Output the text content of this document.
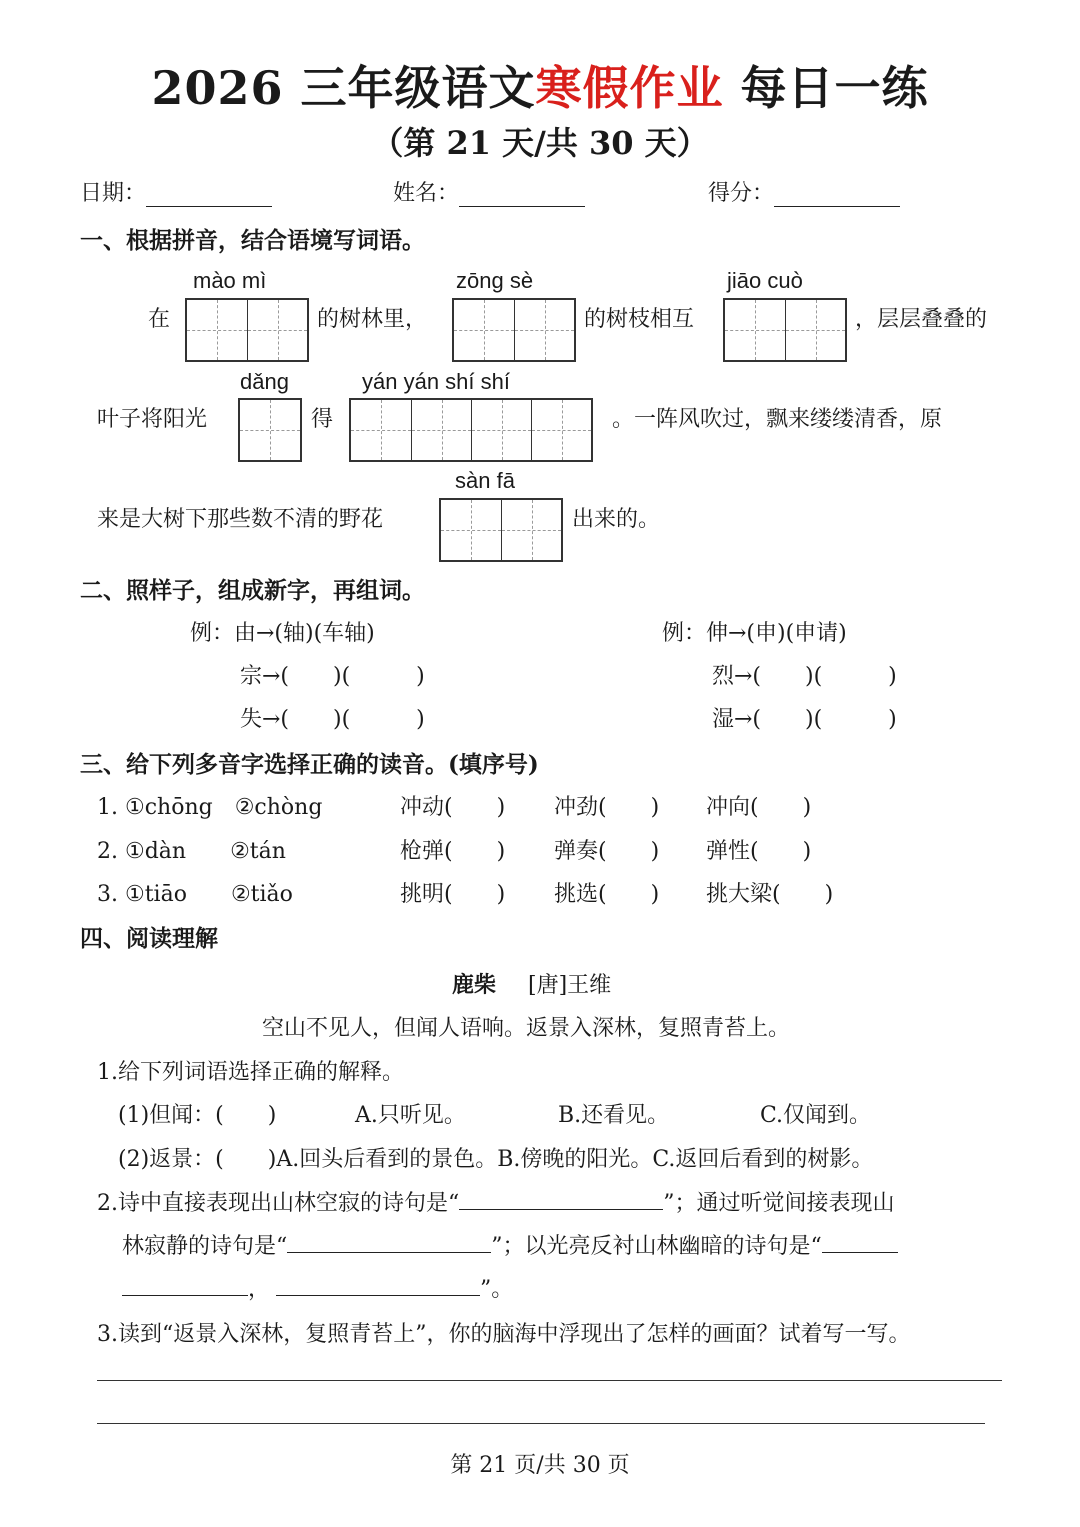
2026 三年级语文寒假作业 每日一练
（第 21 天/共 30 天）
日期：	姓名：	得分：
一、根据拼音，结合语境写词语。
mào mì	zōng sè	jiāo cuò
在	的树林里，	的树枝相互	，层层叠叠的
dǎng	yán yán shí shí
叶子将阳光	得	。一阵风吹过，飘来缕缕清香，原
sàn fā
来是大树下那些数不清的野花	出来的。
二、照样子，组成新字，再组词。
例：由→(轴)(车轴)	例：伸→(申)(申请)
宗→(　　)(　　　)	烈→(　　)(　　　)
失→(　　)(　　　)	湿→(　　)(　　　)
三、给下列多音字选择正确的读音。(填序号)
1. ①chōng　②chòng	冲动(　　) 冲劲(　　) 冲向(　　)
2. ①dàn　　②tán	枪弹(　　) 弹奏(　　) 弹性(　　)
3. ①tiāo　　②tiǎo	挑明(　　) 挑选(　　) 挑大梁(　　)
四、阅读理解
鹿柴 [唐]王维
空山不见人，但闻人语响。返景入深林，复照青苔上。
1.给下列词语选择正确的解释。
(1)但闻：(　　)	A.只听见。	B.还看见。	C.仅闻到。
(2)返景：(　　)A.回头后看到的景色。B.傍晚的阳光。C.返回后看到的树影。
2.诗中直接表现出山林空寂的诗句是“	”；通过听觉间接表现山
林寂静的诗句是“	”；以光亮反衬山林幽暗的诗句是“
，	”。
3.读到“返景入深林，复照青苔上”，你的脑海中浮现出了怎样的画面？试着写一写。
第 21 页/共 30 页
